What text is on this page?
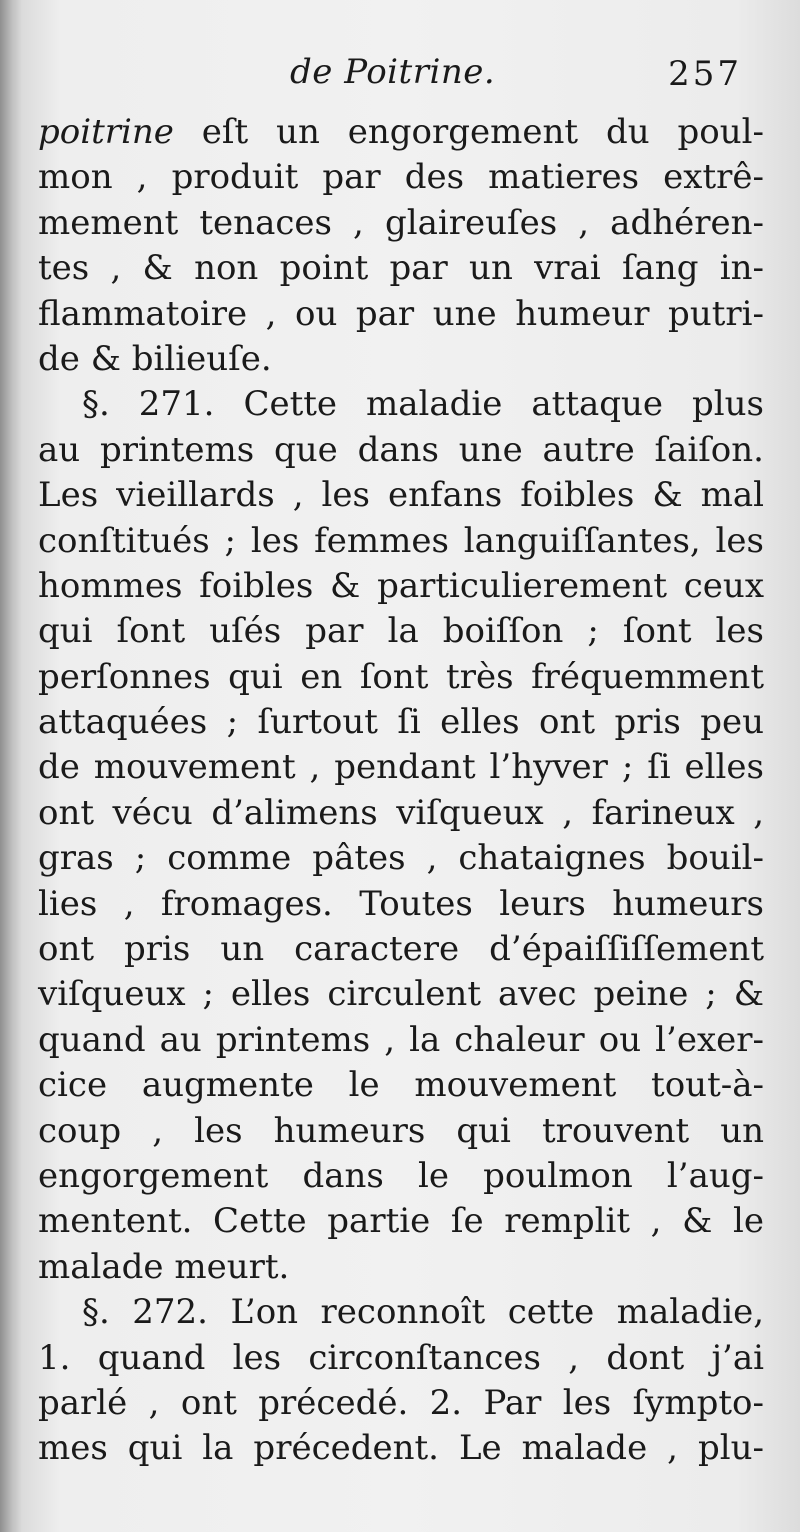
de Poitrine.	257
poitrine eſt un engorgement du poul-
mon , produit par des matieres extrê-
mement tenaces , glaireuſes , adhéren-
tes , & non point par un vrai ſang in-
flammatoire , ou par une humeur putri-
de & bilieuſe.
§. 271. Cette maladie attaque plus
au printems que dans une autre ſaiſon.
Les vieillards , les enfans foibles & mal
conſtitués ; les femmes languiſſantes, les
hommes foibles & particulierement ceux
qui ſont uſés par la boiſſon ; ſont les
perſonnes qui en ſont très fréquemment
attaquées ; ſurtout ſi elles ont pris peu
de mouvement , pendant l’hyver ; ſi elles
ont vécu d’alimens viſqueux , farineux ,
gras ; comme pâtes , chataignes bouil-
lies , fromages. Toutes leurs humeurs
ont pris un caractere d’épaiſſiſſement
viſqueux ; elles circulent avec peine ; &
quand au printems , la chaleur ou l’exer-
cice augmente le mouvement tout-à-
coup , les humeurs qui trouvent un
engorgement dans le poulmon l’aug-
mentent. Cette partie ſe remplit , & le
malade meurt.
§. 272. L’on reconnoît cette maladie,
1. quand les circonſtances , dont j’ai
parlé , ont précedé. 2. Par les ſympto-
mes qui la précedent. Le malade , plu-
